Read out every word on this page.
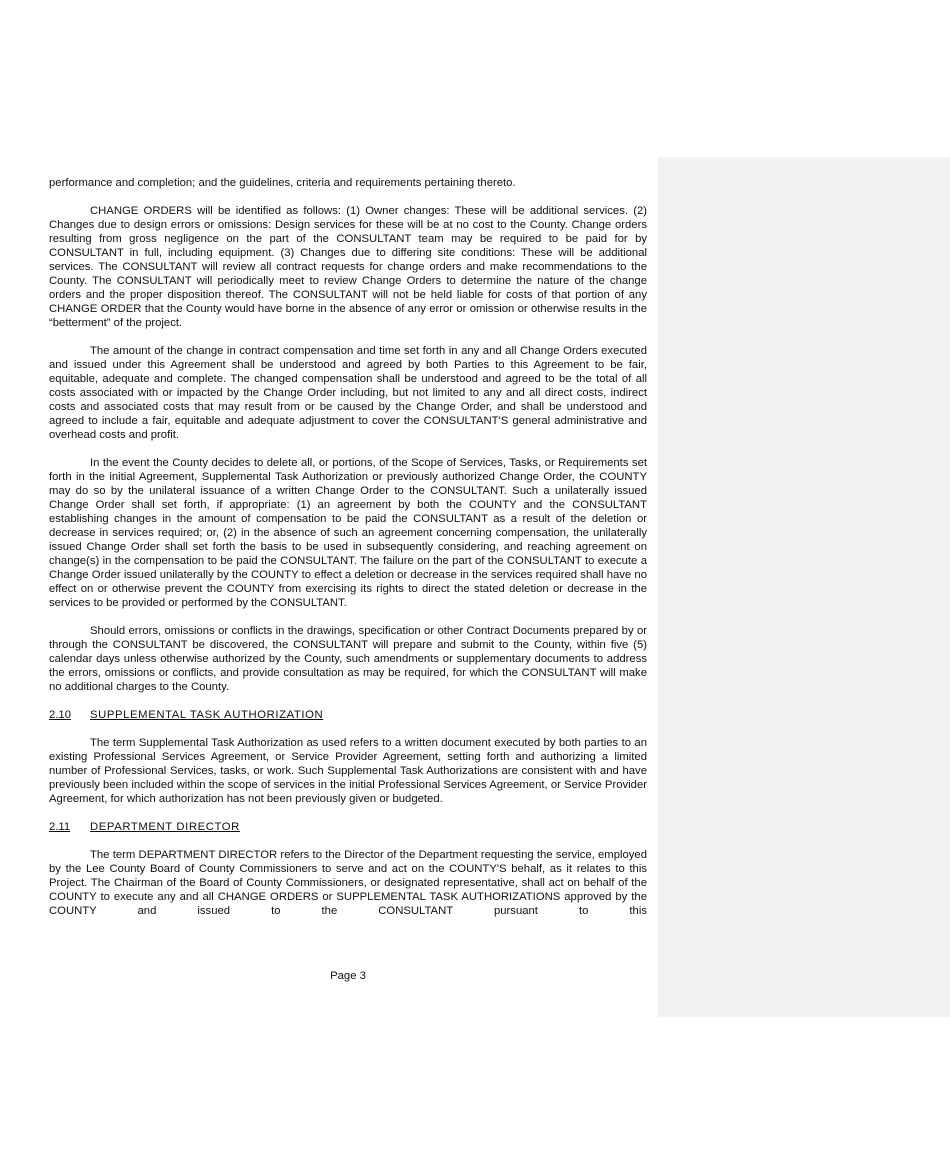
performance and completion; and the guidelines, criteria and requirements pertaining thereto.

CHANGE ORDERS will be identified as follows: (1) Owner changes: These will be additional services. (2) Changes due to design errors or omissions: Design services for these will be at no cost to the County. Change orders resulting from gross negligence on the part of the CONSULTANT team may be required to be paid for by CONSULTANT in full, including equipment. (3) Changes due to differing site conditions: These will be additional services. The CONSULTANT will review all contract requests for change orders and make recommendations to the County. The CONSULTANT will periodically meet to review Change Orders to determine the nature of the change orders and the proper disposition thereof. The CONSULTANT will not be held liable for costs of that portion of any CHANGE ORDER that the County would have borne in the absence of any error or omission or otherwise results in the “betterment” of the project.

The amount of the change in contract compensation and time set forth in any and all Change Orders executed and issued under this Agreement shall be understood and agreed by both Parties to this Agreement to be fair, equitable, adequate and complete. The changed compensation shall be understood and agreed to be the total of all costs associated with or impacted by the Change Order including, but not limited to any and all direct costs, indirect costs and associated costs that may result from or be caused by the Change Order, and shall be understood and agreed to include a fair, equitable and adequate adjustment to cover the CONSULTANT'S general administrative and overhead costs and profit.

In the event the County decides to delete all, or portions, of the Scope of Services, Tasks, or Requirements set forth in the initial Agreement, Supplemental Task Authorization or previously authorized Change Order, the COUNTY may do so by the unilateral issuance of a written Change Order to the CONSULTANT. Such a unilaterally issued Change Order shall set forth, if appropriate: (1) an agreement by both the COUNTY and the CONSULTANT establishing changes in the amount of compensation to be paid the CONSULTANT as a result of the deletion or decrease in services required; or, (2) in the absence of such an agreement concerning compensation, the unilaterally issued Change Order shall set forth the basis to be used in subsequently considering, and reaching agreement on change(s) in the compensation to be paid the CONSULTANT. The failure on the part of the CONSULTANT to execute a Change Order issued unilaterally by the COUNTY to effect a deletion or decrease in the services required shall have no effect on or otherwise prevent the COUNTY from exercising its rights to direct the stated deletion or decrease in the services to be provided or performed by the CONSULTANT.

Should errors, omissions or conflicts in the drawings, specification or other Contract Documents prepared by or through the CONSULTANT be discovered, the CONSULTANT will prepare and submit to the County, within five (5) calendar days unless otherwise authorized by the County, such amendments or supplementary documents to address the errors, omissions or conflicts, and provide consultation as may be required, for which the CONSULTANT will make no additional charges to the County.

2.10 SUPPLEMENTAL TASK AUTHORIZATION

The term Supplemental Task Authorization as used refers to a written document executed by both parties to an existing Professional Services Agreement, or Service Provider Agreement, setting forth and authorizing a limited number of Professional Services, tasks, or work. Such Supplemental Task Authorizations are consistent with and have previously been included within the scope of services in the initial Professional Services Agreement, or Service Provider Agreement, for which authorization has not been previously given or budgeted.

2.11 DEPARTMENT DIRECTOR

The term DEPARTMENT DIRECTOR refers to the Director of the Department requesting the service, employed by the Lee County Board of County Commissioners to serve and act on the COUNTY'S behalf, as it relates to this Project. The Chairman of the Board of County Commissioners, or designated representative, shall act on behalf of the COUNTY to execute any and all CHANGE ORDERS or SUPPLEMENTAL TASK AUTHORIZATIONS approved by the COUNTY and issued to the CONSULTANT pursuant to this

Page 3
